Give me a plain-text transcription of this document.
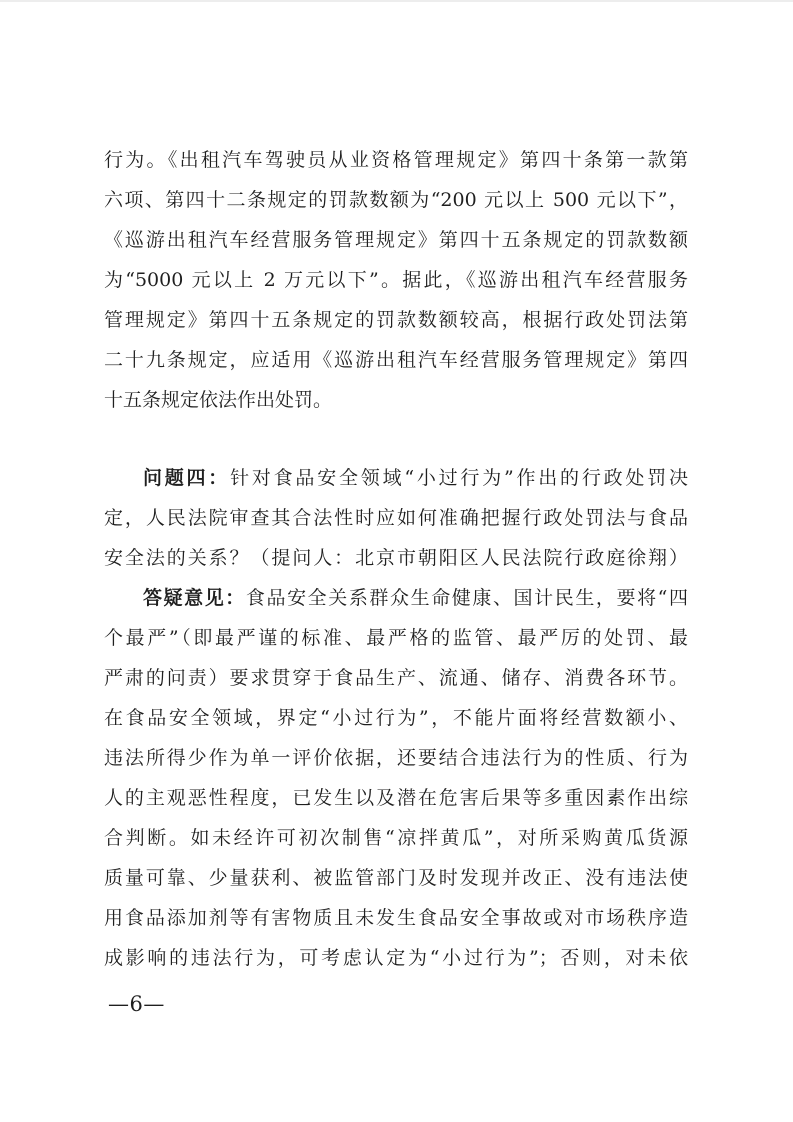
行为。《出租汽车驾驶员从业资格管理规定》第四十条第一款第
六项、第四十二条规定的罚款数额为“200 元以上 500 元以下”，
《巡游出租汽车经营服务管理规定》第四十五条规定的罚款数额
为“5000 元以上 2 万元以下”。据此，《巡游出租汽车经营服务
管理规定》第四十五条规定的罚款数额较高，根据行政处罚法第
二十九条规定，应适用《巡游出租汽车经营服务管理规定》第四
十五条规定依法作出处罚。
问题四：针对食品安全领域“小过行为”作出的行政处罚决
定，人民法院审查其合法性时应如何准确把握行政处罚法与食品
安全法的关系？（提问人：北京市朝阳区人民法院行政庭徐翔）
答疑意见：食品安全关系群众生命健康、国计民生，要将“四
个最严”（即最严谨的标准、最严格的监管、最严厉的处罚、最
严肃的问责）要求贯穿于食品生产、流通、储存、消费各环节。
在食品安全领域，界定“小过行为”，不能片面将经营数额小、
违法所得少作为单一评价依据，还要结合违法行为的性质、行为
人的主观恶性程度，已发生以及潜在危害后果等多重因素作出综
合判断。如未经许可初次制售“凉拌黄瓜”，对所采购黄瓜货源
质量可靠、少量获利、被监管部门及时发现并改正、没有违法使
用食品添加剂等有害物质且未发生食品安全事故或对市场秩序造
成影响的违法行为，可考虑认定为“小过行为”；否则，对未依
—6—
